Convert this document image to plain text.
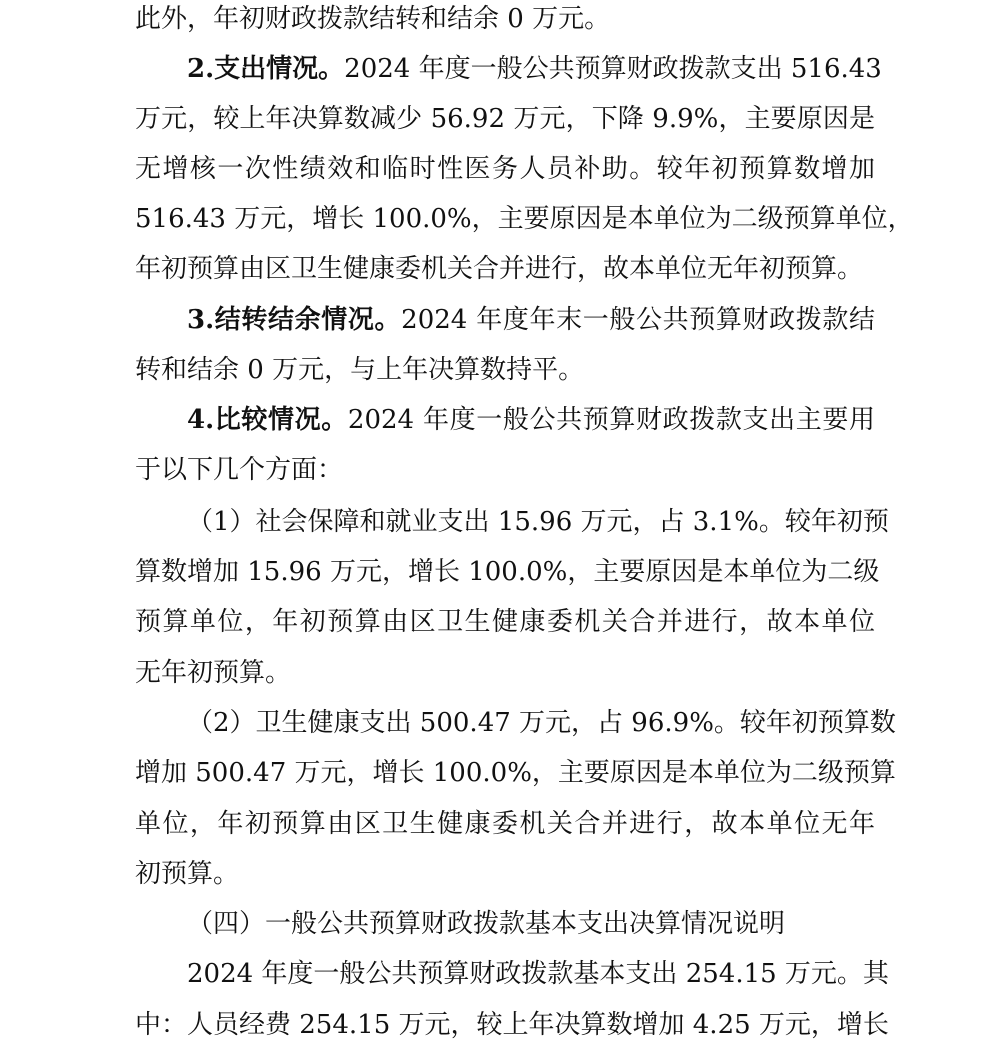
此外，年初财政拨款结转和结余 0 万元。
2.支出情况。2024 年度一般公共预算财政拨款支出 516.43
万元，较上年决算数减少 56.92 万元，下降 9.9%，主要原因是
无增核一次性绩效和临时性医务人员补助。较年初预算数增加
516.43 万元，增长 100.0%，主要原因是本单位为二级预算单位，
年初预算由区卫生健康委机关合并进行，故本单位无年初预算。
3.结转结余情况。2024 年度年末一般公共预算财政拨款结
转和结余 0 万元，与上年决算数持平。
4.比较情况。2024 年度一般公共预算财政拨款支出主要用
于以下几个方面：
（1）社会保障和就业支出 15.96 万元，占 3.1%。较年初预
算数增加 15.96 万元，增长 100.0%，主要原因是本单位为二级
预算单位，年初预算由区卫生健康委机关合并进行，故本单位
无年初预算。
（2）卫生健康支出 500.47 万元，占 96.9%。较年初预算数
增加 500.47 万元，增长 100.0%，主要原因是本单位为二级预算
单位，年初预算由区卫生健康委机关合并进行，故本单位无年
初预算。
（四）一般公共预算财政拨款基本支出决算情况说明
2024 年度一般公共预算财政拨款基本支出 254.15 万元。其
中：人员经费 254.15 万元，较上年决算数增加 4.25 万元，增长
